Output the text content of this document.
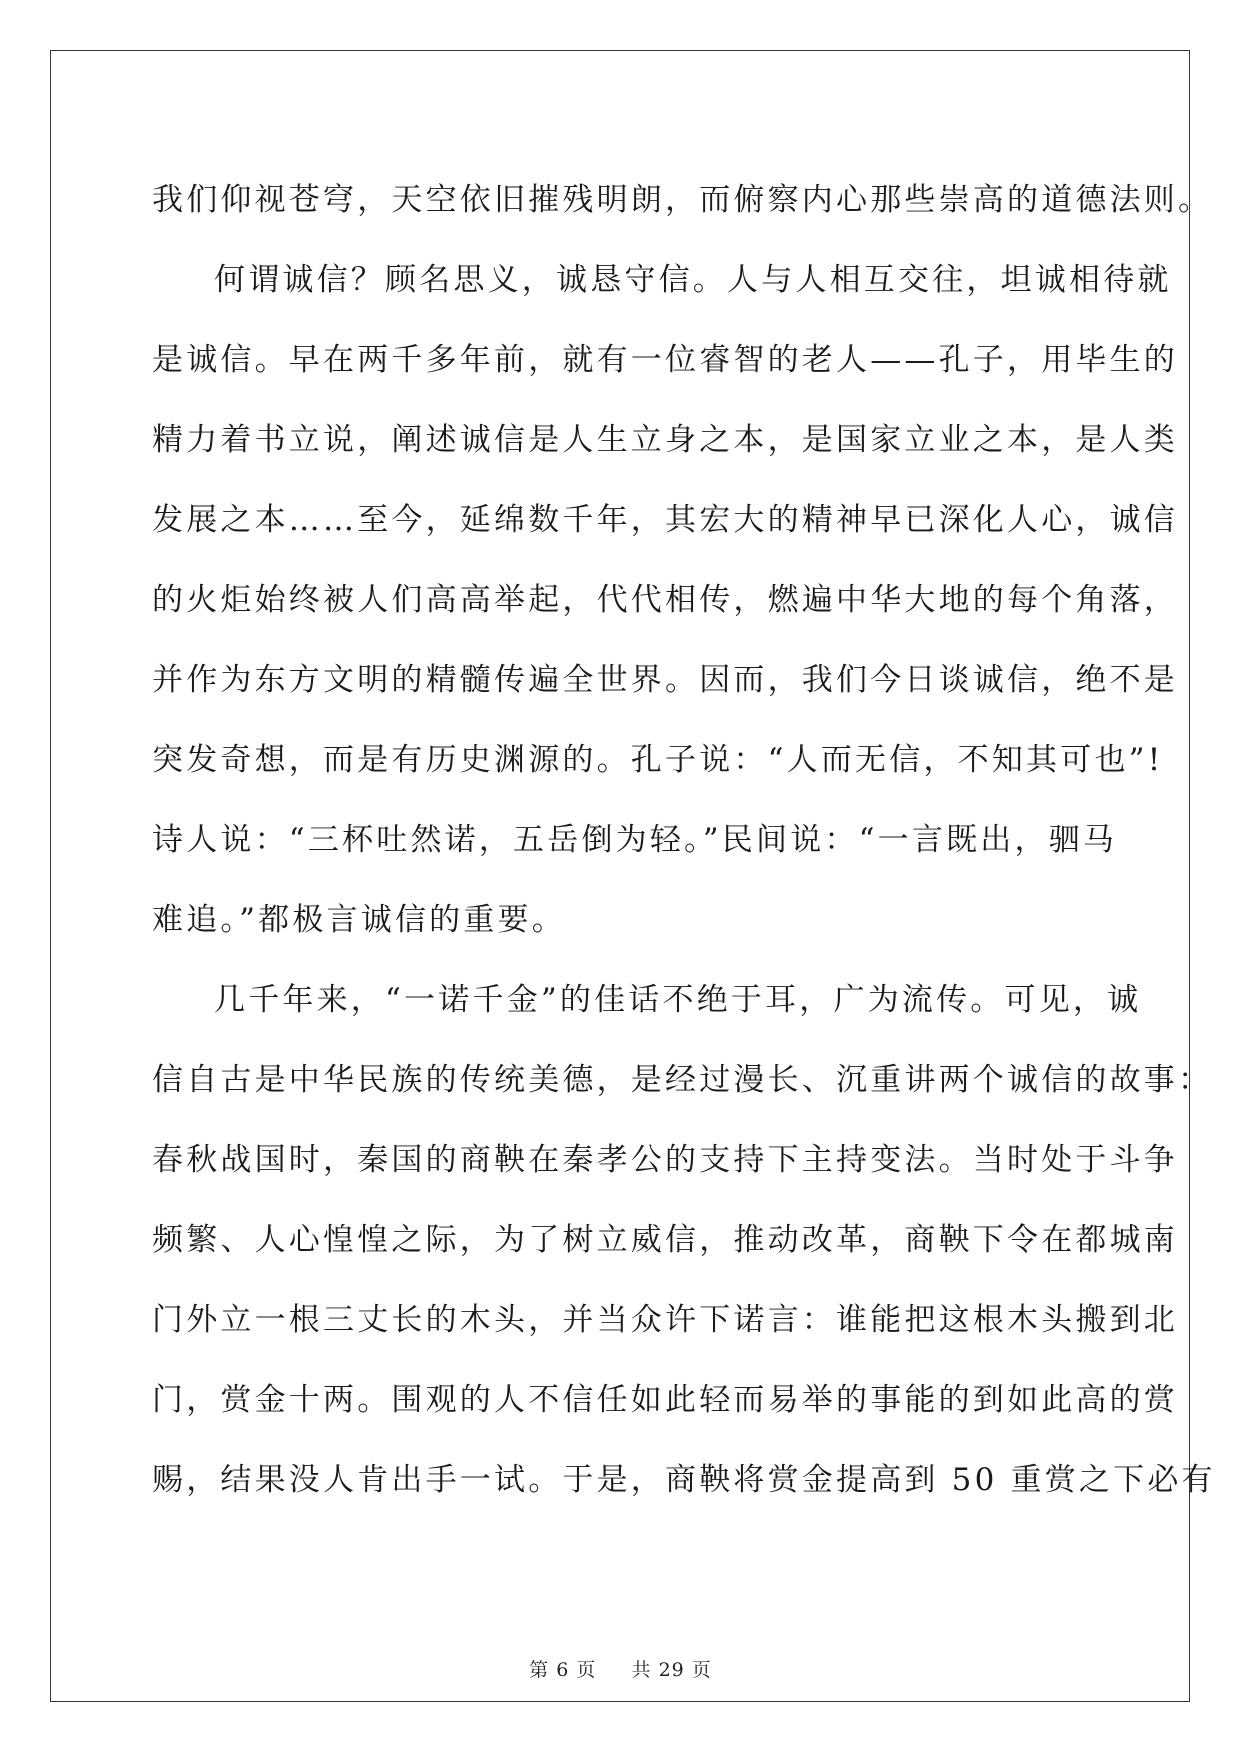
我们仰视苍穹，天空依旧摧残明朗，而俯察内心那些崇高的道德法则。
何谓诚信？顾名思义，诚恳守信。人与人相互交往，坦诚相待就
是诚信。早在两千多年前，就有一位睿智的老人——孔子，用毕生的
精力着书立说，阐述诚信是人生立身之本，是国家立业之本，是人类
发展之本……至今，延绵数千年，其宏大的精神早已深化人心，诚信
的火炬始终被人们高高举起，代代相传，燃遍中华大地的每个角落，
并作为东方文明的精髓传遍全世界。因而，我们今日谈诚信，绝不是
突发奇想，而是有历史渊源的。孔子说：“人而无信，不知其可也”!
诗人说：“三杯吐然诺，五岳倒为轻。”民间说：“一言既出，驷马
难追。”都极言诚信的重要。
几千年来，“一诺千金”的佳话不绝于耳，广为流传。可见，诚
信自古是中华民族的传统美德，是经过漫长、沉重讲两个诚信的故事：
春秋战国时，秦国的商鞅在秦孝公的支持下主持变法。当时处于斗争
频繁、人心惶惶之际，为了树立威信，推动改革，商鞅下令在都城南
门外立一根三丈长的木头，并当众许下诺言：谁能把这根木头搬到北
门，赏金十两。围观的人不信任如此轻而易举的事能的到如此高的赏
赐，结果没人肯出手一试。于是，商鞅将赏金提高到 50 重赏之下必有
第 6 页 共 29 页
